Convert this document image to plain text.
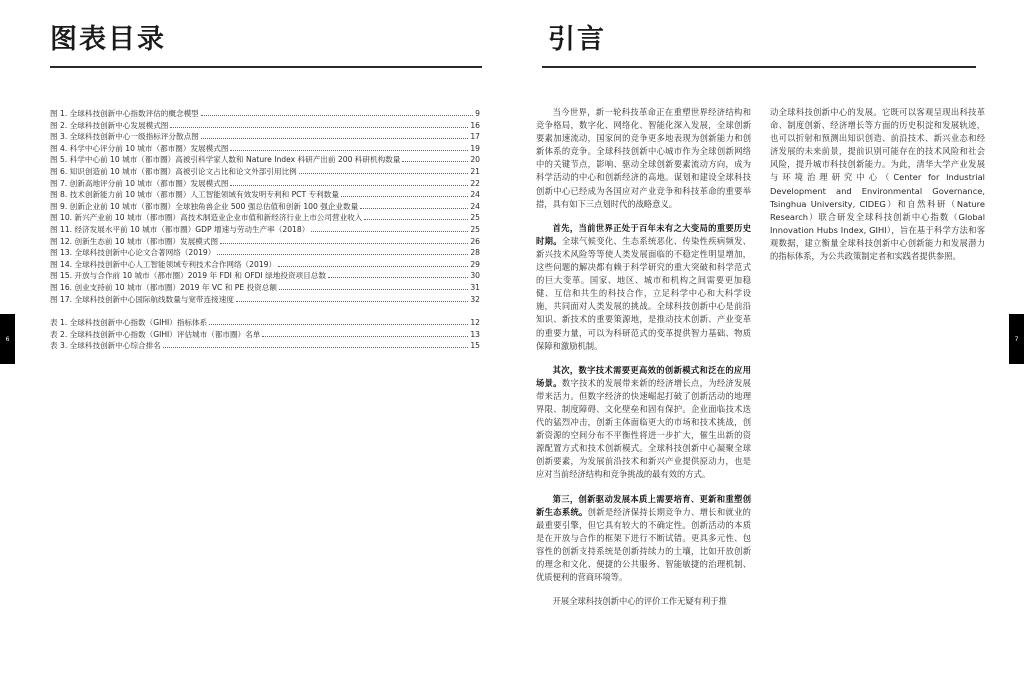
图表目录
图 1. 全球科技创新中心指数评估的概念模型	9
图 2. 全球科技创新中心发展模式图	16
图 3. 全球科技创新中心一级指标评分散点图	17
图 4. 科学中心评分前 10 城市（都市圈）发展模式图	19
图 5. 科学中心前 10 城市（都市圈）高被引科学家人数和 Nature Index 科研产出前 200 科研机构数量	20
图 6. 知识创造前 10 城市（都市圈）高被引论文占比和论文外部引用比例	21
图 7. 创新高地评分前 10 城市（都市圈）发展模式图	22
图 8. 技术创新能力前 10 城市（都市圈）人工智能领域有效发明专利和 PCT 专利数量	24
图 9. 创新企业前 10 城市（都市圈）全球独角兽企业 500 强总估值和创新 100 强企业数量	24
图 10. 新兴产业前 10 城市（都市圈）高技术制造业企业市值和新经济行业上市公司营业收入	25
图 11. 经济发展水平前 10 城市（都市圈）GDP 增速与劳动生产率（2018）	25
图 12. 创新生态前 10 城市（都市圈）发展模式图	26
图 13. 全球科技创新中心论文合著网络（2019）	28
图 14. 全球科技创新中心人工智能领域专利技术合作网络（2019）	29
图 15. 开放与合作前 10 城市（都市圈）2019 年 FDI 和 OFDI 绿地投资项目总数	30
图 16. 创业支持前 10 城市（都市圈）2019 年 VC 和 PE 投资总额	31
图 17. 全球科技创新中心国际航线数量与宽带连接速度	32
表 1. 全球科技创新中心指数（GIHI）指标体系	12
表 2. 全球科技创新中心指数（GIHI）评估城市（都市圈）名单	13
表 3. 全球科技创新中心综合排名	15
6
引言

当今世界，新一轮科技革命正在重塑世界经济结构和竞争格局，数字化、网络化、智能化深入发展，全球创新要素加速流动，国家间的竞争更多地表现为创新能力和创新体系的竞争。全球科技创新中心城市作为全球创新网络中的关键节点，影响、驱动全球创新要素流动方向，成为科学活动的中心和创新经济的高地。谋划和建设全球科技创新中心已经成为各国应对产业竞争和科技革命的重要举措，具有如下三点划时代的战略意义。

首先，当前世界正处于百年未有之大变局的重要历史时期。全球气候变化、生态系统恶化、传染性疾病频发、新兴技术风险等等使人类发展面临的不稳定性明显增加，这些问题的解决都有赖于科学研究的重大突破和科学范式的巨大变革。国家、地区、城市和机构之间需要更加稳健、互信和共生的科技合作，立足科学中心和大科学设施，共同面对人类发展的挑战。全球科技创新中心是前沿知识、新技术的重要策源地，是推动技术创新、产业变革的重要力量，可以为科研范式的变革提供智力基础、物质保障和激励机制。

其次，数字技术需要更高效的创新模式和泛在的应用场景。数字技术的发展带来新的经济增长点，为经济发展带来活力。但数字经济的快速崛起打破了创新活动的地理界限、制度障碍、文化壁垒和固有保护。企业面临技术迭代的猛烈冲击，创新主体面临更大的市场和技术挑战，创新资源的空间分布不平衡性将进一步扩大，催生出新的资源配置方式和技术创新模式。全球科技创新中心凝聚全球创新要素，为发展前沿技术和新兴产业提供原动力，也是应对当前经济结构和竞争挑战的最有效的方式。

第三，创新驱动发展本质上需要培育、更新和重塑创新生态系统。创新是经济保持长期竞争力、增长和就业的最重要引擎，但它具有较大的不确定性。创新活动的本质是在开放与合作的框架下进行不断试错。更具多元性、包容性的创新支持系统是创新持续力的土壤，比如开放创新的理念和文化、便捷的公共服务、智能敏捷的治理机制、优质便利的营商环境等。

开展全球科技创新中心的评价工作无疑有利于推

动全球科技创新中心的发展。它既可以客观呈现出科技革命、制度创新、经济增长等方面的历史积淀和发展轨迹，也可以折射和预测出知识创造、前沿技术、新兴业态和经济发展的未来前景，提前识别可能存在的技术风险和社会风险，提升城市科技创新能力。为此，清华大学产业发展与环境治理研究中心（Center for Industrial Development and Environmental Governance, Tsinghua University, CIDEG）和自然科研（Nature Research）联合研发全球科技创新中心指数（Global Innovation Hubs Index, GIHI），旨在基于科学方法和客观数据，建立衡量全球科技创新中心创新能力和发展潜力的指标体系，为公共政策制定者和实践者提供参照。

7
